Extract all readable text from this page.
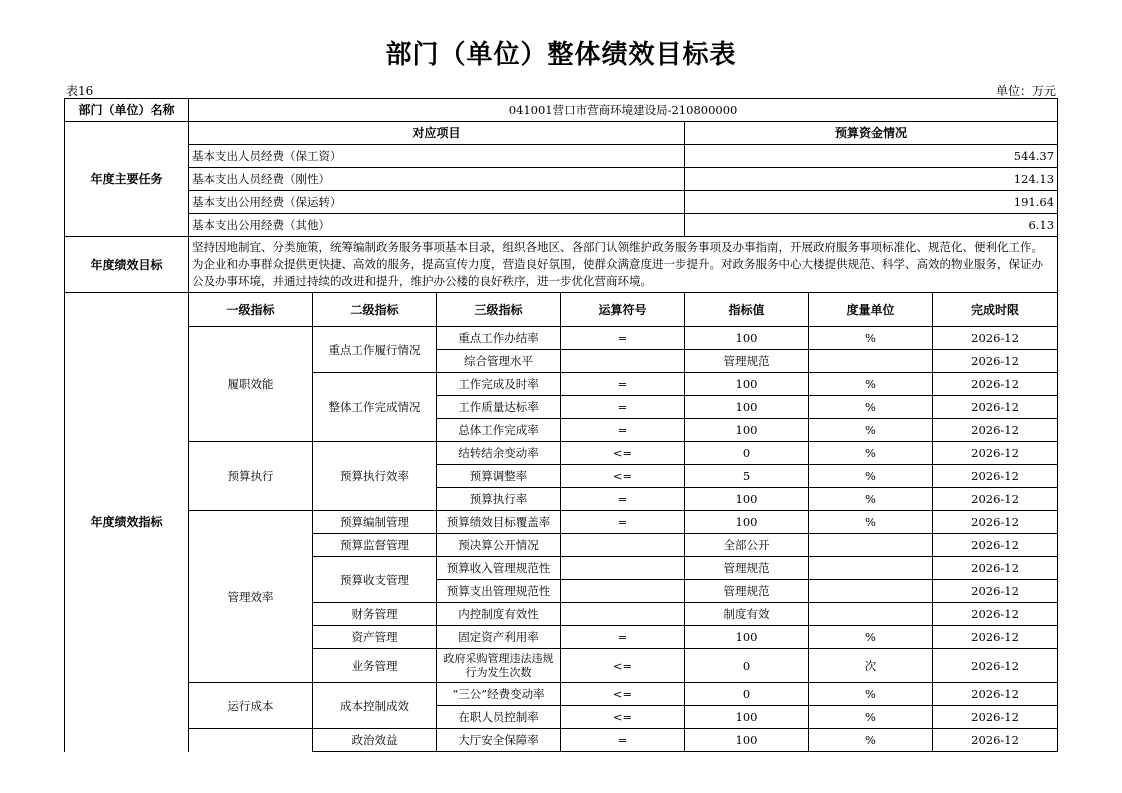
部门（单位）整体绩效目标表
表16	单位：万元
部门（单位）名称	041001营口市营商环境建设局-210800000						
年度主要任务	对应项目				预算资金情况		
	基本支出人员经费（保工资）				544.37		
	基本支出人员经费（刚性）				124.13		
	基本支出公用经费（保运转）				191.64		
	基本支出公用经费（其他）				6.13		
年度绩效目标	坚持因地制宜、分类施策，统筹编制政务服务事项基本目录，组织各地区、各部门认领维护政务服务事项及办事指南，开展政府服务事项标准化、规范化、便利化工作。为企业和办事群众提供更快捷、高效的服务，提高宣传力度，营造良好氛围，使群众满意度进一步提升。对政务服务中心大楼提供规范、科学、高效的物业服务，保证办公及办事环境，并通过持续的改进和提升，维护办公楼的良好秩序，进一步优化营商环境。						
年度绩效指标	一级指标	二级指标	三级指标	运算符号	指标值	度量单位	完成时限
	履职效能	重点工作履行情况	重点工作办结率	=	100	%	2026-12
			综合管理水平		管理规范		2026-12
		整体工作完成情况	工作完成及时率	=	100	%	2026-12
			工作质量达标率	=	100	%	2026-12
			总体工作完成率	=	100	%	2026-12
	预算执行	预算执行效率	结转结余变动率	<=	0	%	2026-12
			预算调整率	<=	5	%	2026-12
			预算执行率	=	100	%	2026-12
	管理效率	预算编制管理	预算绩效目标覆盖率	=	100	%	2026-12
		预算监督管理	预决算公开情况		全部公开		2026-12
		预算收支管理	预算收入管理规范性		管理规范		2026-12
			预算支出管理规范性		管理规范		2026-12
		财务管理	内控制度有效性		制度有效		2026-12
		资产管理	固定资产利用率	=	100	%	2026-12
		业务管理	政府采购管理违法违规行为发生次数	<=	0	次	2026-12
	运行成本	成本控制成效	“三公”经费变动率	<=	0	%	2026-12
			在职人员控制率	<=	100	%	2026-12
		政治效益	大厅安全保障率	=	100	%	2026-12
